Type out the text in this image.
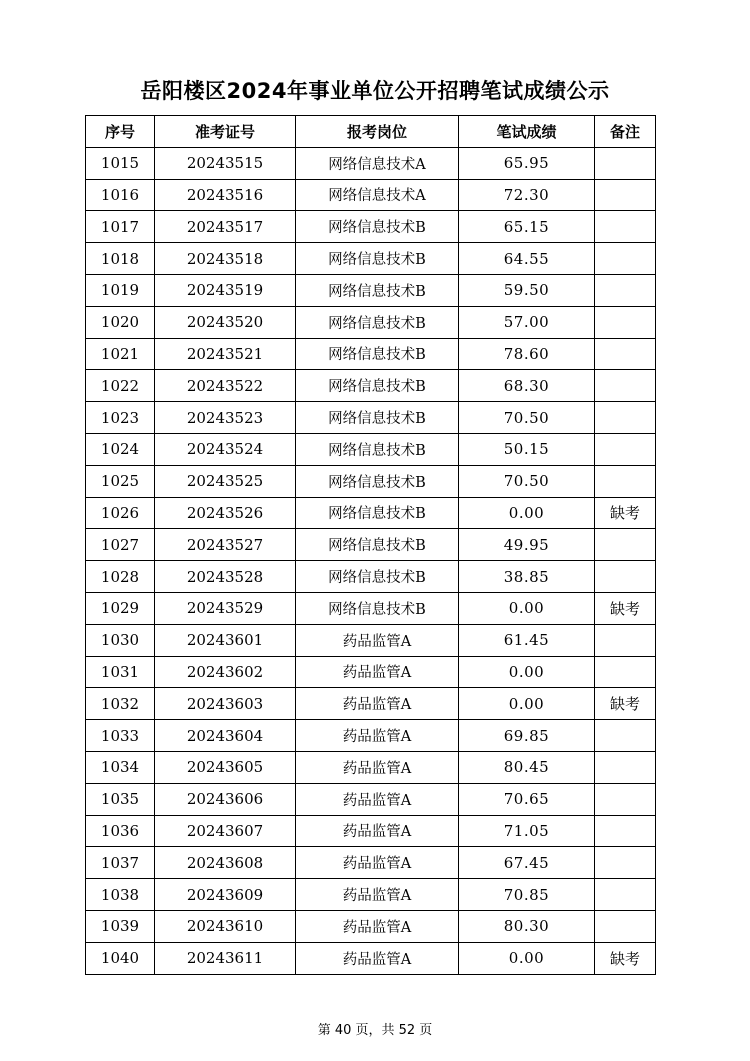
岳阳楼区2024年事业单位公开招聘笔试成绩公示
序号	准考证号	报考岗位	笔试成绩	备注
1015	20243515	网络信息技术A	65.95	
1016	20243516	网络信息技术A	72.30	
1017	20243517	网络信息技术B	65.15	
1018	20243518	网络信息技术B	64.55	
1019	20243519	网络信息技术B	59.50	
1020	20243520	网络信息技术B	57.00	
1021	20243521	网络信息技术B	78.60	
1022	20243522	网络信息技术B	68.30	
1023	20243523	网络信息技术B	70.50	
1024	20243524	网络信息技术B	50.15	
1025	20243525	网络信息技术B	70.50	
1026	20243526	网络信息技术B	0.00	缺考
1027	20243527	网络信息技术B	49.95	
1028	20243528	网络信息技术B	38.85	
1029	20243529	网络信息技术B	0.00	缺考
1030	20243601	药品监管A	61.45	
1031	20243602	药品监管A	0.00	
1032	20243603	药品监管A	0.00	缺考
1033	20243604	药品监管A	69.85	
1034	20243605	药品监管A	80.45	
1035	20243606	药品监管A	70.65	
1036	20243607	药品监管A	71.05	
1037	20243608	药品监管A	67.45	
1038	20243609	药品监管A	70.85	
1039	20243610	药品监管A	80.30	
1040	20243611	药品监管A	0.00	缺考
第 40 页，共 52 页
